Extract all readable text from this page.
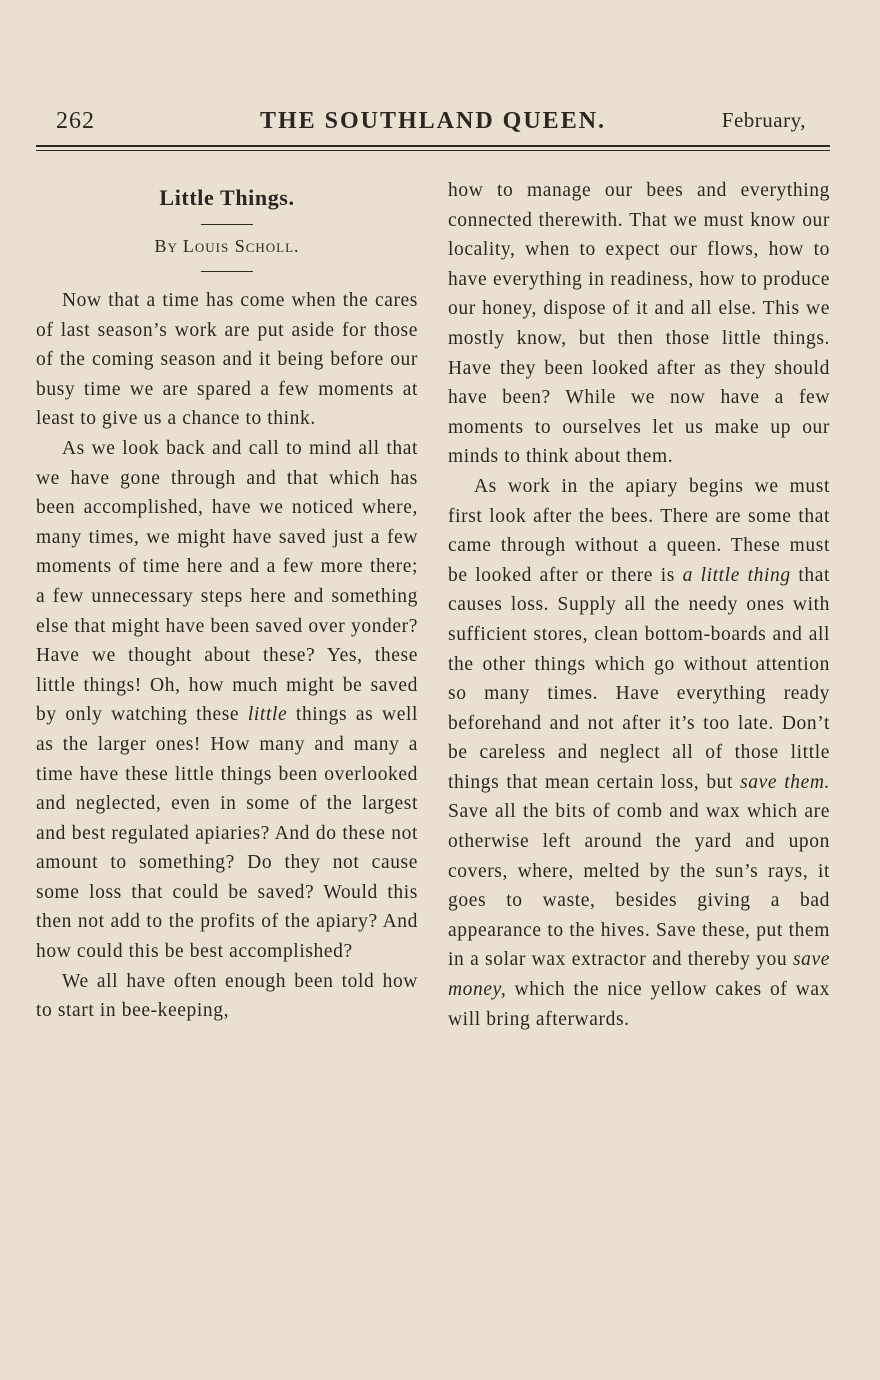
262	THE SOUTHLAND QUEEN.	February,
Little Things.
By Louis Scholl.

Now that a time has come when the cares of last season’s work are put aside for those of the coming season and it being before our busy time we are spared a few moments at least to give us a chance to think.

As we look back and call to mind all that we have gone through and that which has been accomplished, have we noticed where, many times, we might have saved just a few moments of time here and a few more there; a few unnecessary steps here and something else that might have been saved over yonder? Have we thought about these? Yes, these little things! Oh, how much might be saved by only watching these little things as well as the larger ones! How many and many a time have these little things been overlooked and neglected, even in some of the largest and best regulated apiaries? And do these not amount to something? Do they not cause some loss that could be saved? Would this then not add to the profits of the apiary? And how could this be best accomplished?

We all have often enough been told how to start in bee-keeping,

how to manage our bees and everything connected therewith. That we must know our locality, when to expect our flows, how to have everything in readiness, how to produce our honey, dispose of it and all else. This we mostly know, but then those little things. Have they been looked after as they should have been? While we now have a few moments to ourselves let us make up our minds to think about them.

As work in the apiary begins we must first look after the bees. There are some that came through without a queen. These must be looked after or there is a little thing that causes loss. Supply all the needy ones with sufficient stores, clean bottom-boards and all the other things which go without attention so many times. Have everything ready beforehand and not after it’s too late. Don’t be careless and neglect all of those little things that mean certain loss, but save them. Save all the bits of comb and wax which are otherwise left around the yard and upon covers, where, melted by the sun’s rays, it goes to waste, besides giving a bad appearance to the hives. Save these, put them in a solar wax extractor and thereby you save money, which the nice yellow cakes of wax will bring afterwards.
